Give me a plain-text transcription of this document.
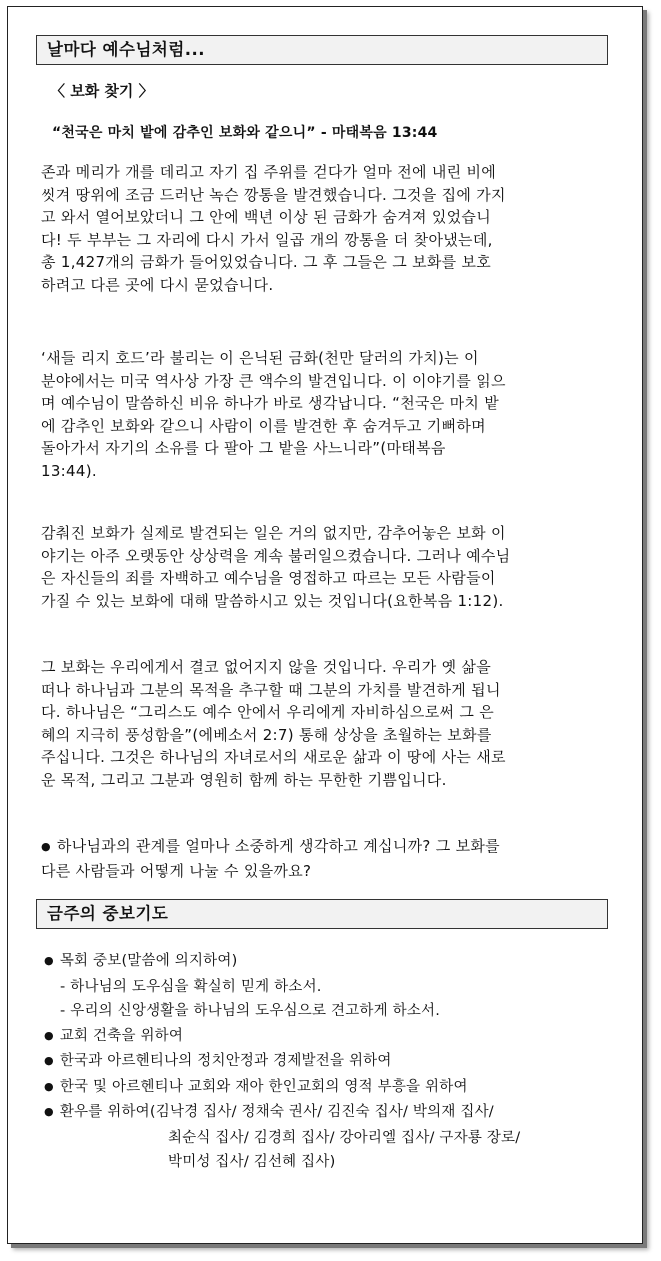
날마다 예수님처럼...
〈 보화 찾기 〉
“천국은 마치 밭에 감추인 보화와 같으니” - 마태복음 13:44
존과 메리가 개를 데리고 자기 집 주위를 걷다가 얼마 전에 내린 비에
씻겨 땅위에 조금 드러난 녹슨 깡통을 발견했습니다. 그것을 집에 가지
고 와서 열어보았더니 그 안에 백년 이상 된 금화가 숨겨져 있었습니
다! 두 부부는 그 자리에 다시 가서 일곱 개의 깡통을 더 찾아냈는데,
총 1,427개의 금화가 들어있었습니다. 그 후 그들은 그 보화를 보호
하려고 다른 곳에 다시 묻었습니다.
‘새들 리지 호드’라 불리는 이 은닉된 금화(천만 달러의 가치)는 이
분야에서는 미국 역사상 가장 큰 액수의 발견입니다. 이 이야기를 읽으
며 예수님이 말씀하신 비유 하나가 바로 생각납니다. “천국은 마치 밭
에 감추인 보화와 같으니 사람이 이를 발견한 후 숨겨두고 기뻐하며
돌아가서 자기의 소유를 다 팔아 그 밭을 사느니라”(마태복음
13:44).
감춰진 보화가 실제로 발견되는 일은 거의 없지만, 감추어놓은 보화 이
야기는 아주 오랫동안 상상력을 계속 불러일으켰습니다. 그러나 예수님
은 자신들의 죄를 자백하고 예수님을 영접하고 따르는 모든 사람들이
가질 수 있는 보화에 대해 말씀하시고 있는 것입니다(요한복음 1:12).
그 보화는 우리에게서 결코 없어지지 않을 것입니다. 우리가 옛 삶을
떠나 하나님과 그분의 목적을 추구할 때 그분의 가치를 발견하게 됩니
다. 하나님은 “그리스도 예수 안에서 우리에게 자비하심으로써 그 은
혜의 지극히 풍성함을”(에베소서 2:7) 통해 상상을 초월하는 보화를
주십니다. 그것은 하나님의 자녀로서의 새로운 삶과 이 땅에 사는 새로
운 목적, 그리고 그분과 영원히 함께 하는 무한한 기쁨입니다.
● 하나님과의 관계를 얼마나 소중하게 생각하고 계십니까? 그 보화를
다른 사람들과 어떻게 나눌 수 있을까요?
금주의 중보기도
● 목회 중보(말씀에 의지하여)
- 하나님의 도우심을 확실히 믿게 하소서.
- 우리의 신앙생활을 하나님의 도우심으로 견고하게 하소서.
● 교회 건축을 위하여
● 한국과 아르헨티나의 정치안정과 경제발전을 위하여
● 한국 및 아르헨티나 교회와 재아 한인교회의 영적 부흥을 위하여
● 환우를 위하여(김낙경 집사/ 정채숙 권사/ 김진숙 집사/ 박의재 집사/
최순식 집사/ 김경희 집사/ 강아리엘 집사/ 구자룡 장로/
박미성 집사/ 김선혜 집사)
